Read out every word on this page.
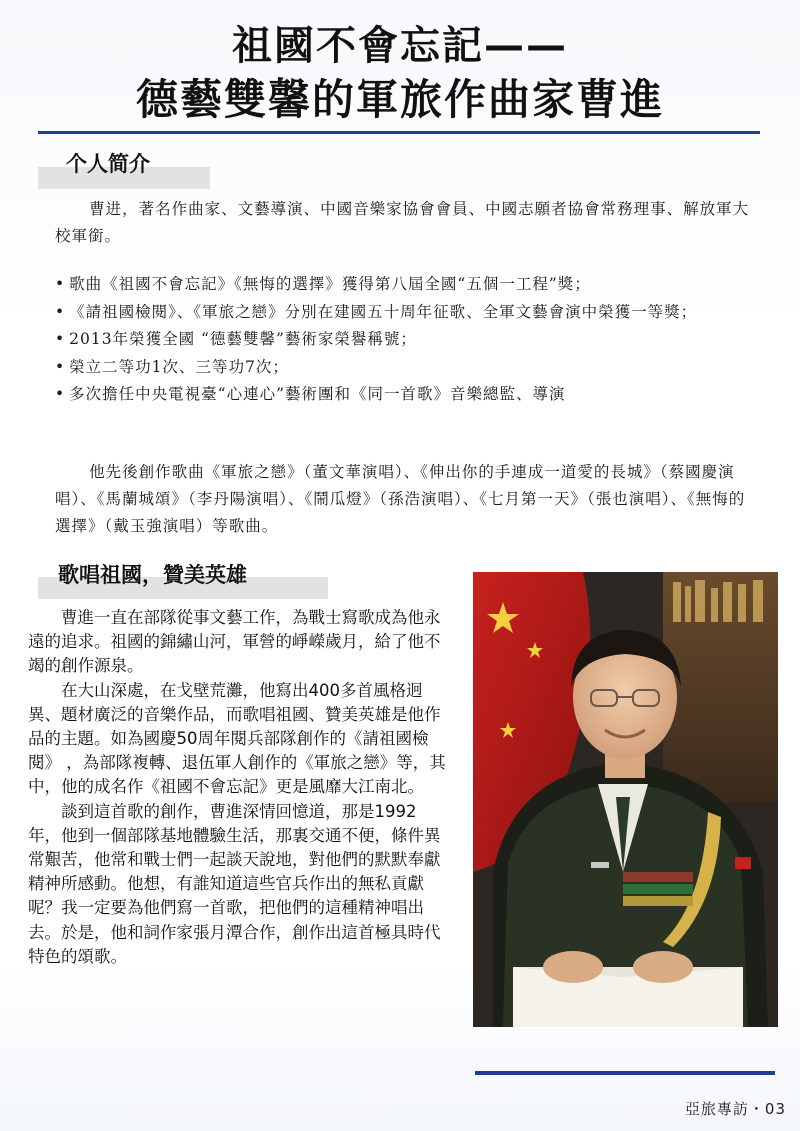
祖國不會忘記——
德藝雙馨的軍旅作曲家曹進
个人简介

曹进，著名作曲家、文藝導演、中國音樂家協會會員、中國志願者協會常務理事、解放軍大校軍銜。

• 歌曲《祖國不會忘記》《無悔的選擇》獲得第八屆全國“五個一工程”獎；
• 《請祖國檢閱》、《軍旅之戀》分別在建國五十周年征歌、全軍文藝會演中榮獲一等獎；
• 2013年榮獲全國 “德藝雙馨”藝術家榮譽稱號；
• 榮立二等功1次、三等功7次；
• 多次擔任中央電視臺“心連心”藝術團和《同一首歌》音樂總監、導演

他先後創作歌曲《軍旅之戀》（董文華演唱）、《伸出你的手連成一道愛的長城》（蔡國慶演唱）、《馬蘭城頌》（李丹陽演唱）、《鬧瓜燈》（孫浩演唱）、《七月第一天》（張也演唱）、《無悔的選擇》（戴玉強演唱）等歌曲。

歌唱祖國，贊美英雄

曹進一直在部隊從事文藝工作，為戰士寫歌成為他永遠的追求。祖國的錦繡山河，軍營的崢嶸歲月，給了他不竭的創作源泉。

在大山深處，在戈壁荒灘，他寫出400多首風格迥異、題材廣泛的音樂作品，而歌唱祖國、贊美英雄是他作品的主題。如為國慶50周年閱兵部隊創作的《請祖國檢閱》 ，為部隊複轉、退伍軍人創作的《軍旅之戀》等，其中，他的成名作《祖國不會忘記》更是風靡大江南北。

談到這首歌的創作，曹進深情回憶道，那是1992年，他到一個部隊基地體驗生活，那裏交通不便，條件異常艱苦，他常和戰士們一起談天說地，對他們的默默奉獻精神所感動。他想，有誰知道這些官兵作出的無私貢獻呢？我一定要為他們寫一首歌，把他們的這種精神唱出去。於是，他和詞作家張月潭合作，創作出這首極具時代特色的頌歌。

亞旅專訪・03
